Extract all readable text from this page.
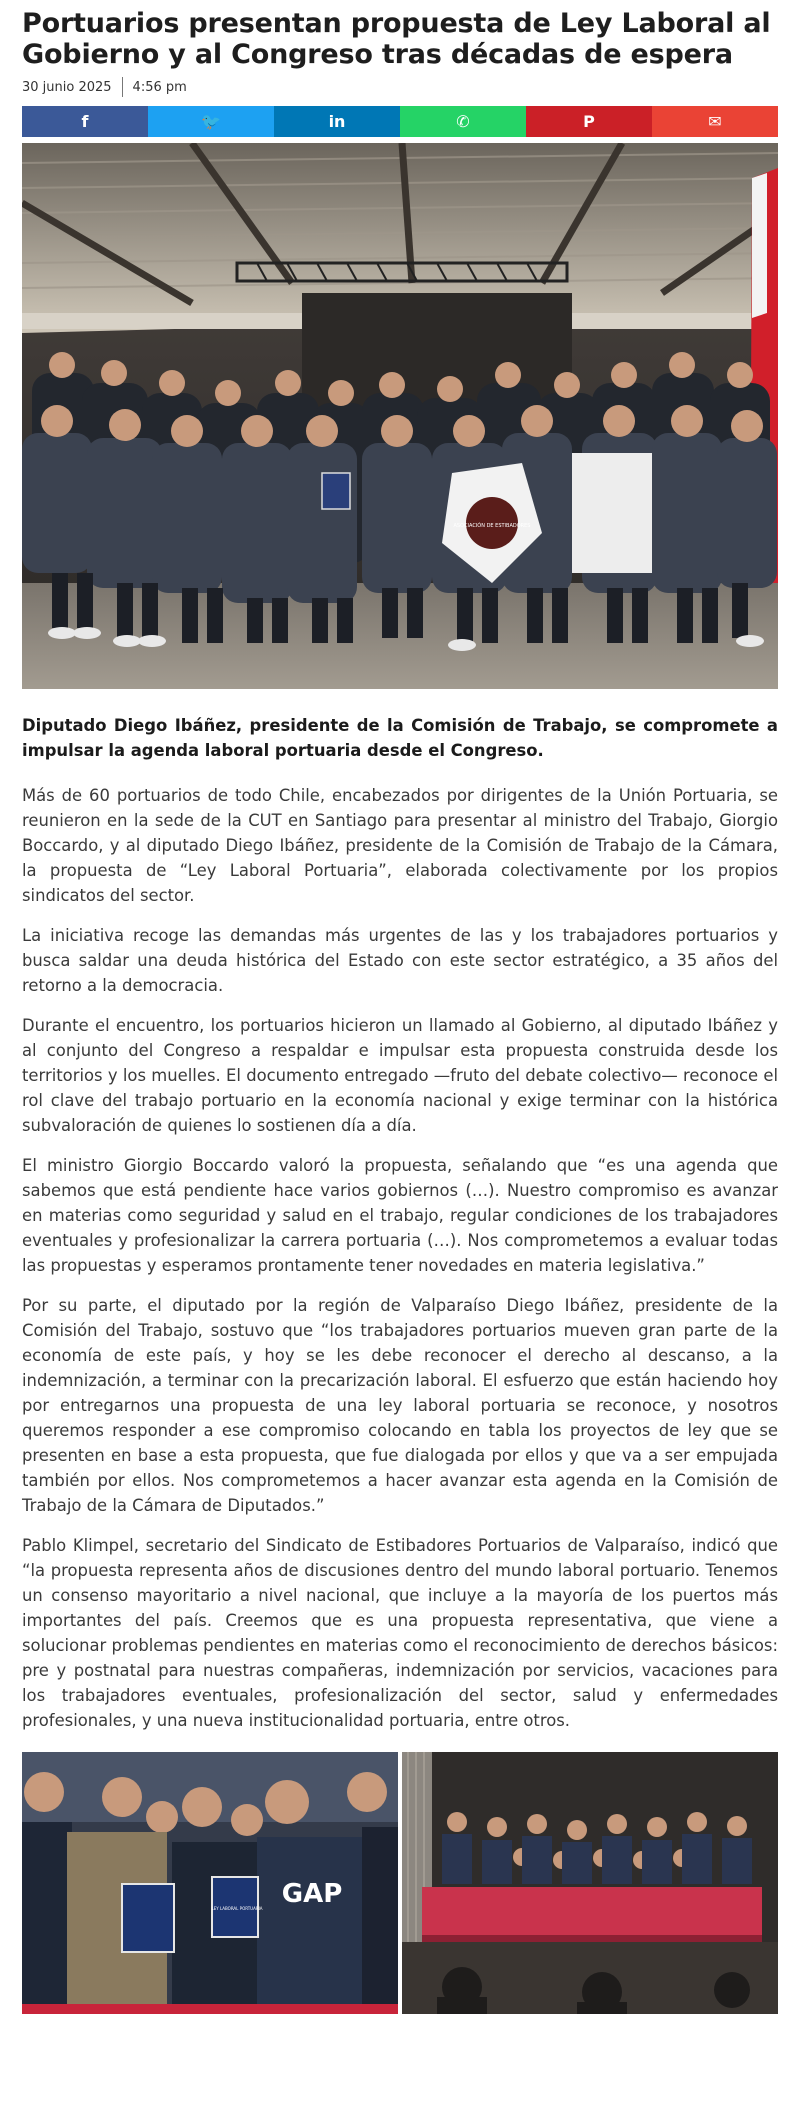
Portuarios presentan propuesta de Ley Laboral al Gobierno y al Congreso tras décadas de espera
30 junio 2025 4:56 pm
f	🐦	in	✆	P	✉
ASOCIACIÓN DE ESTIBADORES
Diputado Diego Ibáñez, presidente de la Comisión de Trabajo, se compromete a impulsar la agenda laboral portuaria desde el Congreso.

Más de 60 portuarios de todo Chile, encabezados por dirigentes de la Unión Portuaria, se reunieron en la sede de la CUT en Santiago para presentar al ministro del Trabajo, Giorgio Boccardo, y al diputado Diego Ibáñez, presidente de la Comisión de Trabajo de la Cámara, la propuesta de “Ley Laboral Portuaria”, elaborada colectivamente por los propios sindicatos del sector.

La iniciativa recoge las demandas más urgentes de las y los trabajadores portuarios y busca saldar una deuda histórica del Estado con este sector estratégico, a 35 años del retorno a la democracia.

Durante el encuentro, los portuarios hicieron un llamado al Gobierno, al diputado Ibáñez y al conjunto del Congreso a respaldar e impulsar esta propuesta construida desde los territorios y los muelles. El documento entregado —fruto del debate colectivo— reconoce el rol clave del trabajo portuario en la economía nacional y exige terminar con la histórica subvaloración de quienes lo sostienen día a día.

El ministro Giorgio Boccardo valoró la propuesta, señalando que “es una agenda que sabemos que está pendiente hace varios gobiernos (…). Nuestro compromiso es avanzar en materias como seguridad y salud en el trabajo, regular condiciones de los trabajadores eventuales y profesionalizar la carrera portuaria (…). Nos comprometemos a evaluar todas las propuestas y esperamos prontamente tener novedades en materia legislativa.”

Por su parte, el diputado por la región de Valparaíso Diego Ibáñez, presidente de la Comisión del Trabajo, sostuvo que “los trabajadores portuarios mueven gran parte de la economía de este país, y hoy se les debe reconocer el derecho al descanso, a la indemnización, a terminar con la precarización laboral. El esfuerzo que están haciendo hoy por entregarnos una propuesta de una ley laboral portuaria se reconoce, y nosotros queremos responder a ese compromiso colocando en tabla los proyectos de ley que se presenten en base a esta propuesta, que fue dialogada por ellos y que va a ser empujada también por ellos. Nos comprometemos a hacer avanzar esta agenda en la Comisión de Trabajo de la Cámara de Diputados.”

Pablo Klimpel, secretario del Sindicato de Estibadores Portuarios de Valparaíso, indicó que “la propuesta representa años de discusiones dentro del mundo laboral portuario. Tenemos un consenso mayoritario a nivel nacional, que incluye a la mayoría de los puertos más importantes del país. Creemos que es una propuesta representativa, que viene a solucionar problemas pendientes en materias como el reconocimiento de derechos básicos: pre y postnatal para nuestras compañeras, indemnización por servicios, vacaciones para los trabajadores eventuales, profesionalización del sector, salud y enfermedades profesionales, y una nueva institucionalidad portuaria, entre otros.

LEY LABORAL PORTUARIA GAP
